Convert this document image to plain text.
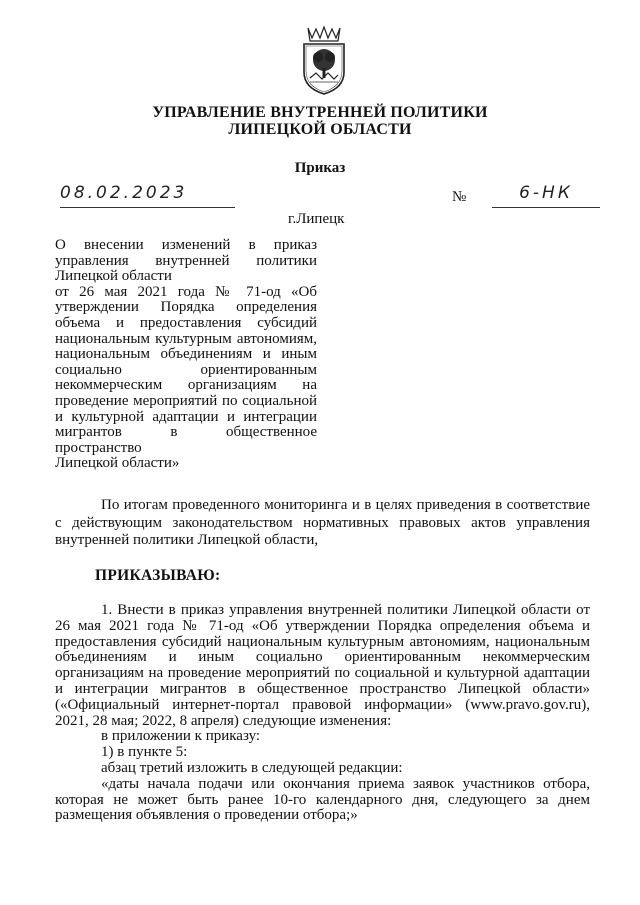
УПРАВЛЕНИЕ ВНУТРЕННЕЙ ПОЛИТИКИ
ЛИПЕЦКОЙ ОБЛАСТИ
Приказ
08.02.2023	№	6-НК
г.Липецк
О внесении изменений в приказ
управления внутренней политики
Липецкой области
от 26 мая 2021 года № 71-од «Об
утверждении Порядка определения
объема и предоставления субсидий
национальным культурным автономиям,
национальным объединениям и иным
социально ориентированным
некоммерческим организациям на
проведение мероприятий по социальной
и культурной адаптации и интеграции
мигрантов в общественное пространство
Липецкой области»
По итогам проведенного мониторинга и в целях приведения в соответствие с действующим законодательством нормативных правовых актов управления внутренней политики Липецкой области,
ПРИКАЗЫВАЮ:

1. Внести в приказ управления внутренней политики Липецкой области от 26 мая 2021 года № 71-од «Об утверждении Порядка определения объема и предоставления субсидий национальным культурным автономиям, национальным объединениям и иным социально ориентированным некоммерческим организациям на проведение мероприятий по социальной и культурной адаптации и интеграции мигрантов в общественное пространство Липецкой области» («Официальный интернет-портал правовой информации» (www.pravo.gov.ru), 2021, 28 мая; 2022, 8 апреля) следующие изменения:

в приложении к приказу:

1) в пункте 5:

абзац третий изложить в следующей редакции:

«даты начала подачи или окончания приема заявок участников отбора, которая не может быть ранее 10-го календарного дня, следующего за днем размещения объявления о проведении отбора;»
